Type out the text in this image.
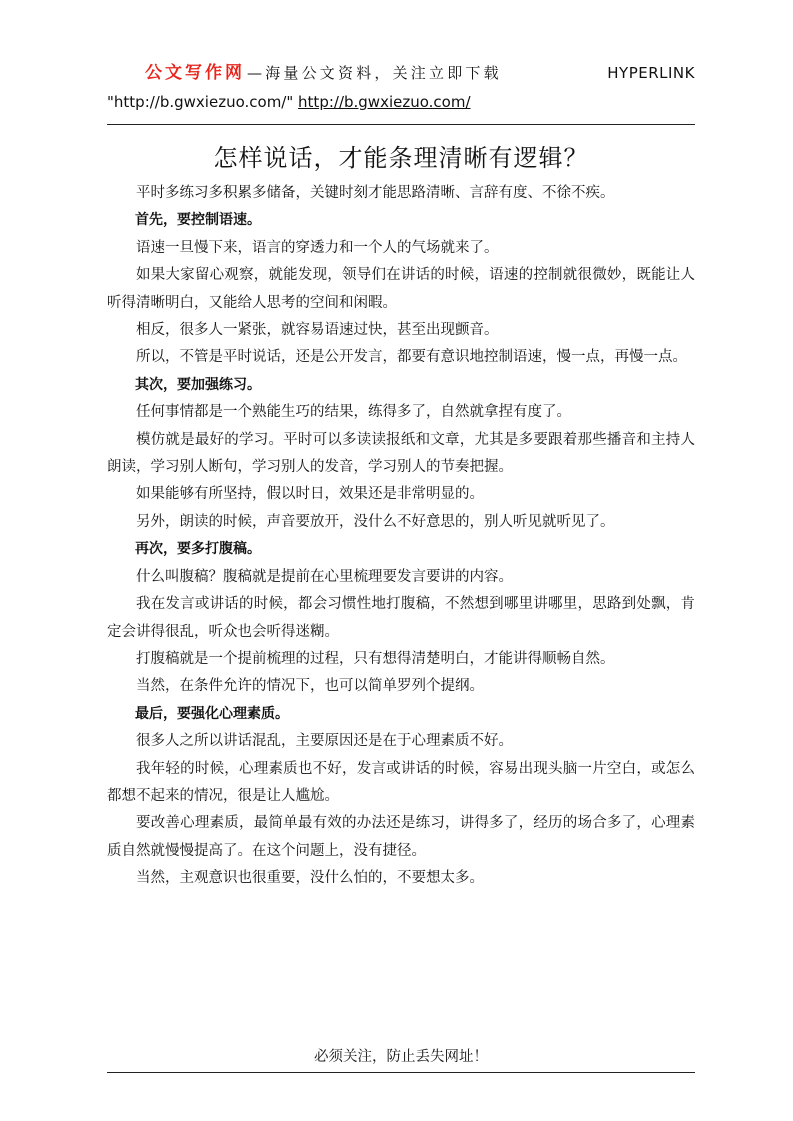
公文写作网 —海量公文资料，关注立即下载	HYPERLINK
"http://b.gwxiezuo.com/" http://b.gwxiezuo.com/
怎样说话，才能条理清晰有逻辑？

平时多练习多积累多储备，关键时刻才能思路清晰、言辞有度、不徐不疾。

首先，要控制语速。

语速一旦慢下来，语言的穿透力和一个人的气场就来了。

如果大家留心观察，就能发现，领导们在讲话的时候，语速的控制就很微妙，既能让人听得清晰明白，又能给人思考的空间和闲暇。

相反，很多人一紧张，就容易语速过快，甚至出现颤音。

所以，不管是平时说话，还是公开发言，都要有意识地控制语速，慢一点，再慢一点。

其次，要加强练习。

任何事情都是一个熟能生巧的结果，练得多了，自然就拿捏有度了。

模仿就是最好的学习。平时可以多读读报纸和文章，尤其是多要跟着那些播音和主持人朗读，学习别人断句，学习别人的发音，学习别人的节奏把握。

如果能够有所坚持，假以时日，效果还是非常明显的。

另外，朗读的时候，声音要放开，没什么不好意思的，别人听见就听见了。

再次，要多打腹稿。

什么叫腹稿？腹稿就是提前在心里梳理要发言要讲的内容。

我在发言或讲话的时候，都会习惯性地打腹稿，不然想到哪里讲哪里，思路到处飘，肯定会讲得很乱，听众也会听得迷糊。

打腹稿就是一个提前梳理的过程，只有想得清楚明白，才能讲得顺畅自然。

当然，在条件允许的情况下，也可以简单罗列个提纲。

最后，要强化心理素质。

很多人之所以讲话混乱，主要原因还是在于心理素质不好。

我年轻的时候，心理素质也不好，发言或讲话的时候，容易出现头脑一片空白，或怎么都想不起来的情况，很是让人尴尬。

要改善心理素质，最简单最有效的办法还是练习，讲得多了，经历的场合多了，心理素质自然就慢慢提高了。在这个问题上，没有捷径。

当然，主观意识也很重要，没什么怕的，不要想太多。

必须关注，防止丢失网址！
